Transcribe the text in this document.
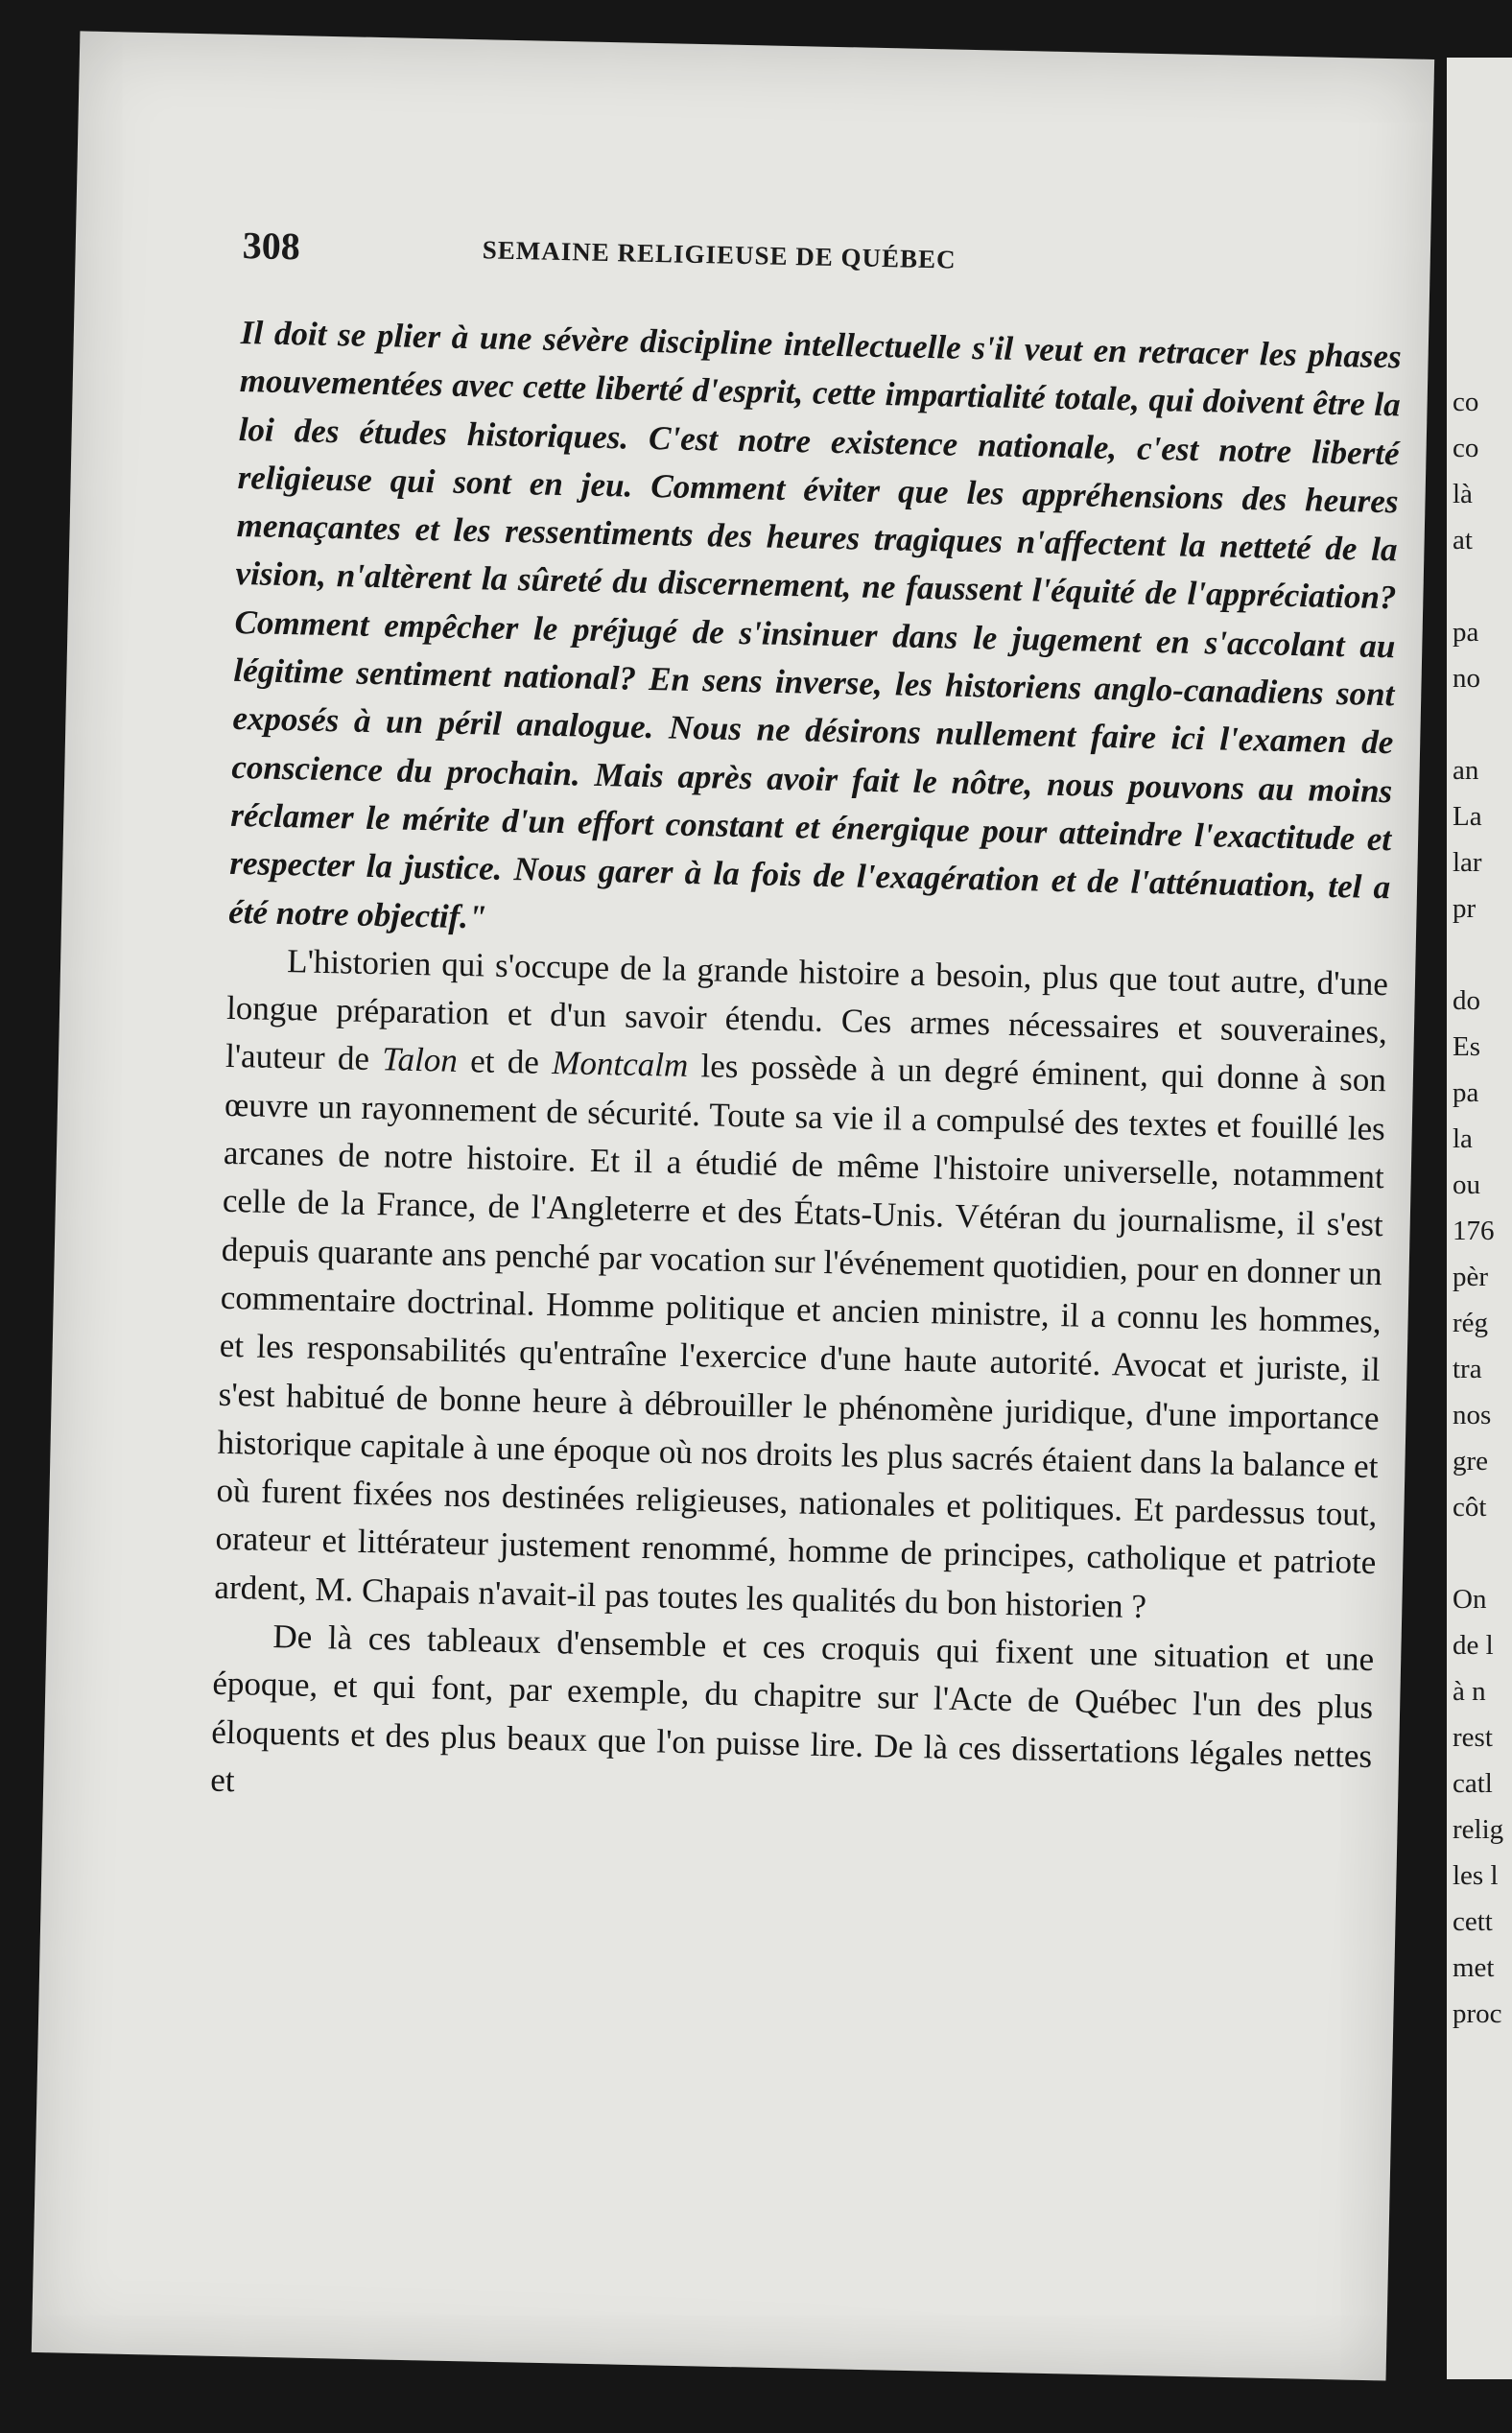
co
co
là
at

pa
no

an
La
lar
pr

do
Es
pa
la
ou
176
pèr
rég
tra
nos
gre
côt

On
de l
à n
rest
catl
relig
les l
cett
met
proc
308	SEMAINE RELIGIEUSE DE QUÉBEC

Il doit se plier à une sévère discipline intellectuelle s'il veut en retracer les phases mouvementées avec cette liberté d'esprit, cette impartialité totale, qui doivent être la loi des études historiques. C'est notre existence nationale, c'est notre liberté religieuse qui sont en jeu. Comment éviter que les appréhensions des heures menaçantes et les ressentiments des heures tragiques n'affectent la netteté de la vision, n'altèrent la sûreté du discernement, ne faussent l'équité de l'appréciation? Comment empêcher le préjugé de s'insinuer dans le jugement en s'accolant au légitime sentiment national? En sens inverse, les historiens anglo-canadiens sont exposés à un péril analogue. Nous ne désirons nullement faire ici l'examen de conscience du prochain. Mais après avoir fait le nôtre, nous pouvons au moins réclamer le mérite d'un effort constant et énergique pour atteindre l'exactitude et respecter la justice. Nous garer à la fois de l'exagération et de l'atténuation, tel a été notre objectif."

L'historien qui s'occupe de la grande histoire a besoin, plus que tout autre, d'une longue préparation et d'un savoir étendu. Ces armes nécessaires et souveraines, l'auteur de Talon et de Montcalm les possède à un degré éminent, qui donne à son œuvre un rayonnement de sécurité. Toute sa vie il a compulsé des textes et fouillé les arcanes de notre histoire. Et il a étudié de même l'histoire universelle, notamment celle de la France, de l'Angleterre et des États-Unis. Vétéran du journalisme, il s'est depuis quarante ans penché par vocation sur l'événement quotidien, pour en donner un commentaire doctrinal. Homme politique et ancien ministre, il a connu les hommes, et les responsabilités qu'entraîne l'exercice d'une haute autorité. Avocat et juriste, il s'est habitué de bonne heure à débrouiller le phénomène juridique, d'une importance historique capitale à une époque où nos droits les plus sacrés étaient dans la balance et où furent fixées nos destinées religieuses, nationales et politiques. Et pardessus tout, orateur et littérateur justement renommé, homme de principes, catholique et patriote ardent, M. Chapais n'avait-il pas toutes les qualités du bon historien ?

De là ces tableaux d'ensemble et ces croquis qui fixent une situation et une époque, et qui font, par exemple, du chapitre sur l'Acte de Québec l'un des plus éloquents et des plus beaux que l'on puisse lire. De là ces dissertations légales nettes et
